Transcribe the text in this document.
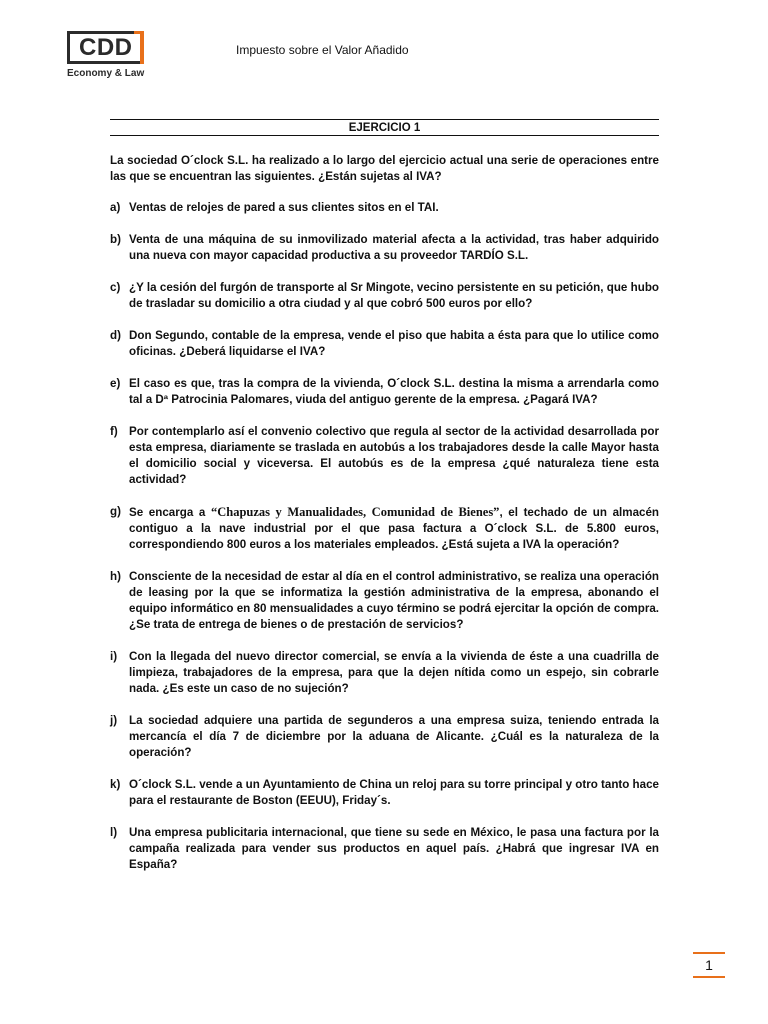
CDD
Economy & Law
Impuesto sobre el Valor Añadido
EJERCICIO 1

La sociedad O´clock S.L. ha realizado a lo largo del ejercicio actual una serie de operaciones entre las que se encuentran las siguientes. ¿Están sujetas al IVA?

a) Ventas de relojes de pared a sus clientes sitos en el TAI.
b) Venta de una máquina de su inmovilizado material afecta a la actividad, tras haber adquirido una nueva con mayor capacidad productiva a su proveedor TARDÍO S.L.
c) ¿Y la cesión del furgón de transporte al Sr Mingote, vecino persistente en su petición, que hubo de trasladar su domicilio a otra ciudad y al que cobró 500 euros por ello?
d) Don Segundo, contable de la empresa, vende el piso que habita a ésta para que lo utilice como oficinas. ¿Deberá liquidarse el IVA?
e) El caso es que, tras la compra de la vivienda, O´clock S.L. destina la misma a arrendarla como tal a Dª Patrocinia Palomares, viuda del antiguo gerente de la empresa. ¿Pagará IVA?
f) Por contemplarlo así el convenio colectivo que regula al sector de la actividad desarrollada por esta empresa, diariamente se traslada en autobús a los trabajadores desde la calle Mayor hasta el domicilio social y viceversa. El autobús es de la empresa ¿qué naturaleza tiene esta actividad?
g) Se encarga a “Chapuzas y Manualidades, Comunidad de Bienes”, el techado de un almacén contiguo a la nave industrial por el que pasa factura a O´clock S.L. de 5.800 euros, correspondiendo 800 euros a los materiales empleados. ¿Está sujeta a IVA la operación?
h) Consciente de la necesidad de estar al día en el control administrativo, se realiza una operación de leasing por la que se informatiza la gestión administrativa de la empresa, abonando el equipo informático en 80 mensualidades a cuyo término se podrá ejercitar la opción de compra. ¿Se trata de entrega de bienes o de prestación de servicios?
i)	Con la llegada del nuevo director comercial, se envía a la vivienda de éste a una cuadrilla de limpieza, trabajadores de la empresa, para que la dejen nítida como un espejo, sin cobrarle nada. ¿Es este un caso de no sujeción?
j)	La sociedad adquiere una partida de segunderos a una empresa suiza, teniendo entrada la mercancía el día 7 de diciembre por la aduana de Alicante. ¿Cuál es la naturaleza de la operación?
k) O´clock S.L. vende a un Ayuntamiento de China un reloj para su torre principal y otro tanto hace para el restaurante de Boston (EEUU), Friday´s.
l)	Una empresa publicitaria internacional, que tiene su sede en México, le pasa una factura por la campaña realizada para vender sus productos en aquel país. ¿Habrá que ingresar IVA en España?
1
